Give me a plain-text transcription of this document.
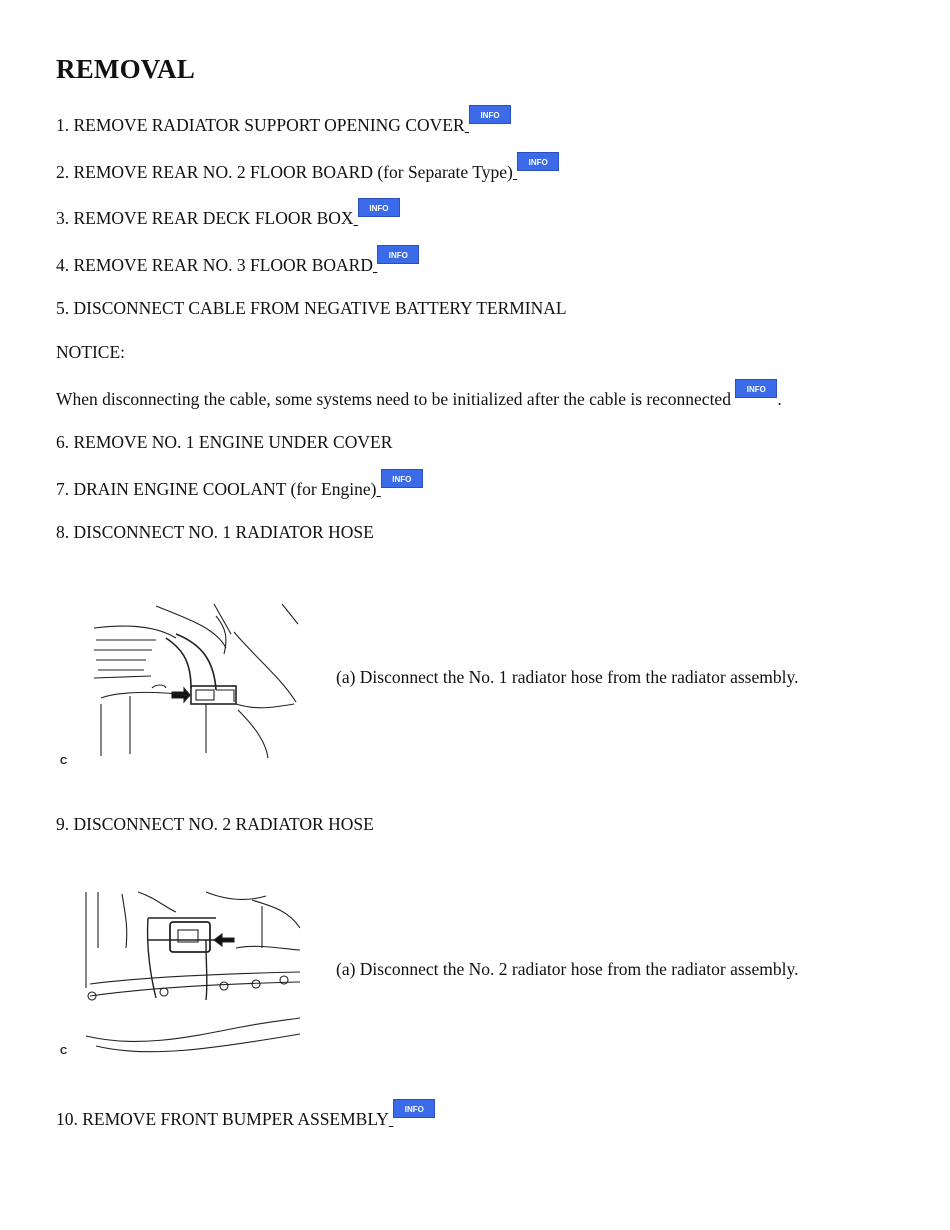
REMOVAL
1. REMOVE RADIATOR SUPPORT OPENING COVER INFO
2. REMOVE REAR NO. 2 FLOOR BOARD (for Separate Type) INFO
3. REMOVE REAR DECK FLOOR BOX INFO
4. REMOVE REAR NO. 3 FLOOR BOARD INFO
5. DISCONNECT CABLE FROM NEGATIVE BATTERY TERMINAL
NOTICE:
When disconnecting the cable, some systems need to be initialized after the cable is reconnected INFO .
6. REMOVE NO. 1 ENGINE UNDER COVER
7. DRAIN ENGINE COOLANT (for Engine) INFO
8. DISCONNECT NO. 1 RADIATOR HOSE
C
(a) Disconnect the No. 1 radiator hose from the radiator assembly.
9. DISCONNECT NO. 2 RADIATOR HOSE
C
(a) Disconnect the No. 2 radiator hose from the radiator assembly.
10. REMOVE FRONT BUMPER ASSEMBLY INFO
